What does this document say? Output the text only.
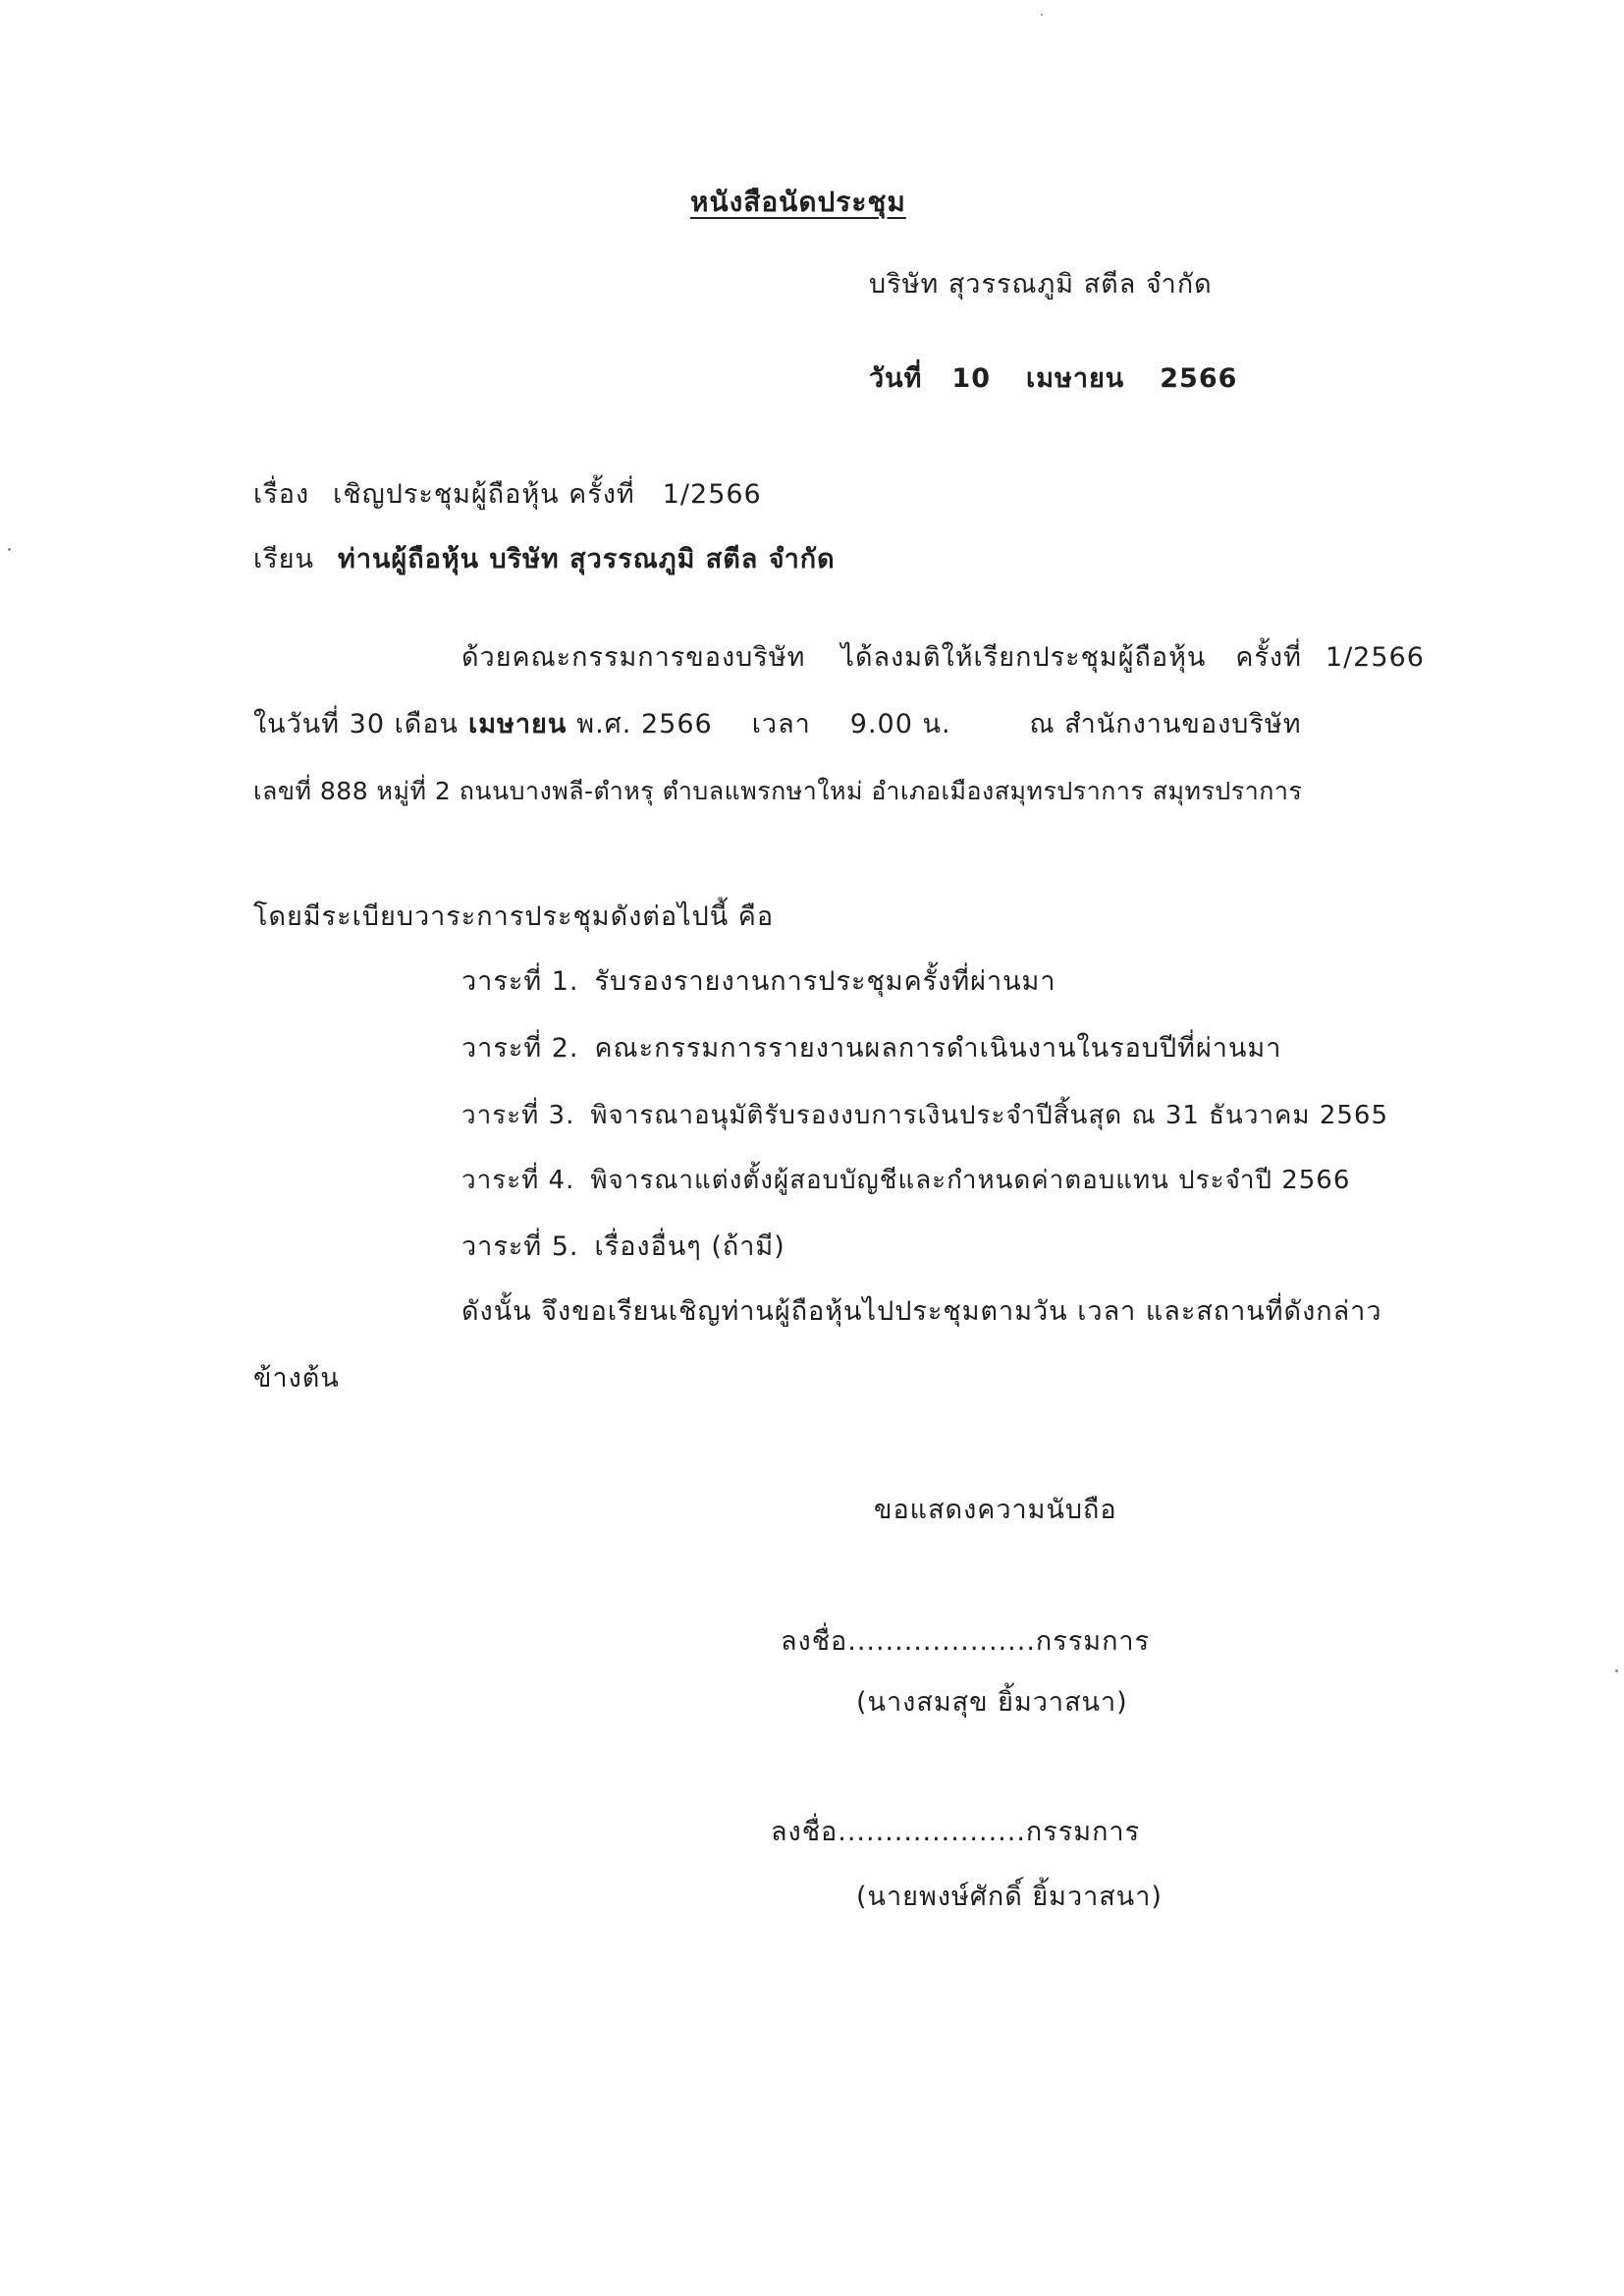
หนังสือนัดประชุม
บริษัท สุวรรณภูมิ สตีล จำกัด
วันที่ 10 เมษายน 2566
เรื่อง เชิญประชุมผู้ถือหุ้น ครั้งที่ 1/2566
เรียน ท่านผู้ถือหุ้น บริษัท สุวรรณภูมิ สตีล จำกัด
ด้วยคณะกรรมการของบริษัท ได้ลงมติให้เรียกประชุมผู้ถือหุ้น ครั้งที่ 1/2566
ในวันที่ 30 เดือน เมษายน พ.ศ. 2566 เวลา 9.00 น.	ณ สำนักงานของบริษัท
เลขที่ 888 หมู่ที่ 2 ถนนบางพลี-ตำหรุ ตำบลแพรกษาใหม่ อำเภอเมืองสมุทรปราการ สมุทรปราการ
โดยมีระเบียบวาระการประชุมดังต่อไปนี้ คือ
วาระที่ 1. รับรองรายงานการประชุมครั้งที่ผ่านมา
วาระที่ 2. คณะกรรมการรายงานผลการดำเนินงานในรอบปีที่ผ่านมา
วาระที่ 3. พิจารณาอนุมัติรับรองงบการเงินประจำปีสิ้นสุด ณ 31 ธันวาคม 2565
วาระที่ 4. พิจารณาแต่งตั้งผู้สอบบัญชีและกำหนดค่าตอบแทน ประจำปี 2566
วาระที่ 5. เรื่องอื่นๆ (ถ้ามี)
ดังนั้น จึงขอเรียนเชิญท่านผู้ถือหุ้นไปประชุมตามวัน เวลา และสถานที่ดังกล่าว
ข้างต้น
ขอแสดงความนับถือ
ลงชื่อ....................กรรมการ
(นางสมสุข ยิ้มวาสนา)
ลงชื่อ....................กรรมการ
(นายพงษ์ศักดิ์ ยิ้มวาสนา)
